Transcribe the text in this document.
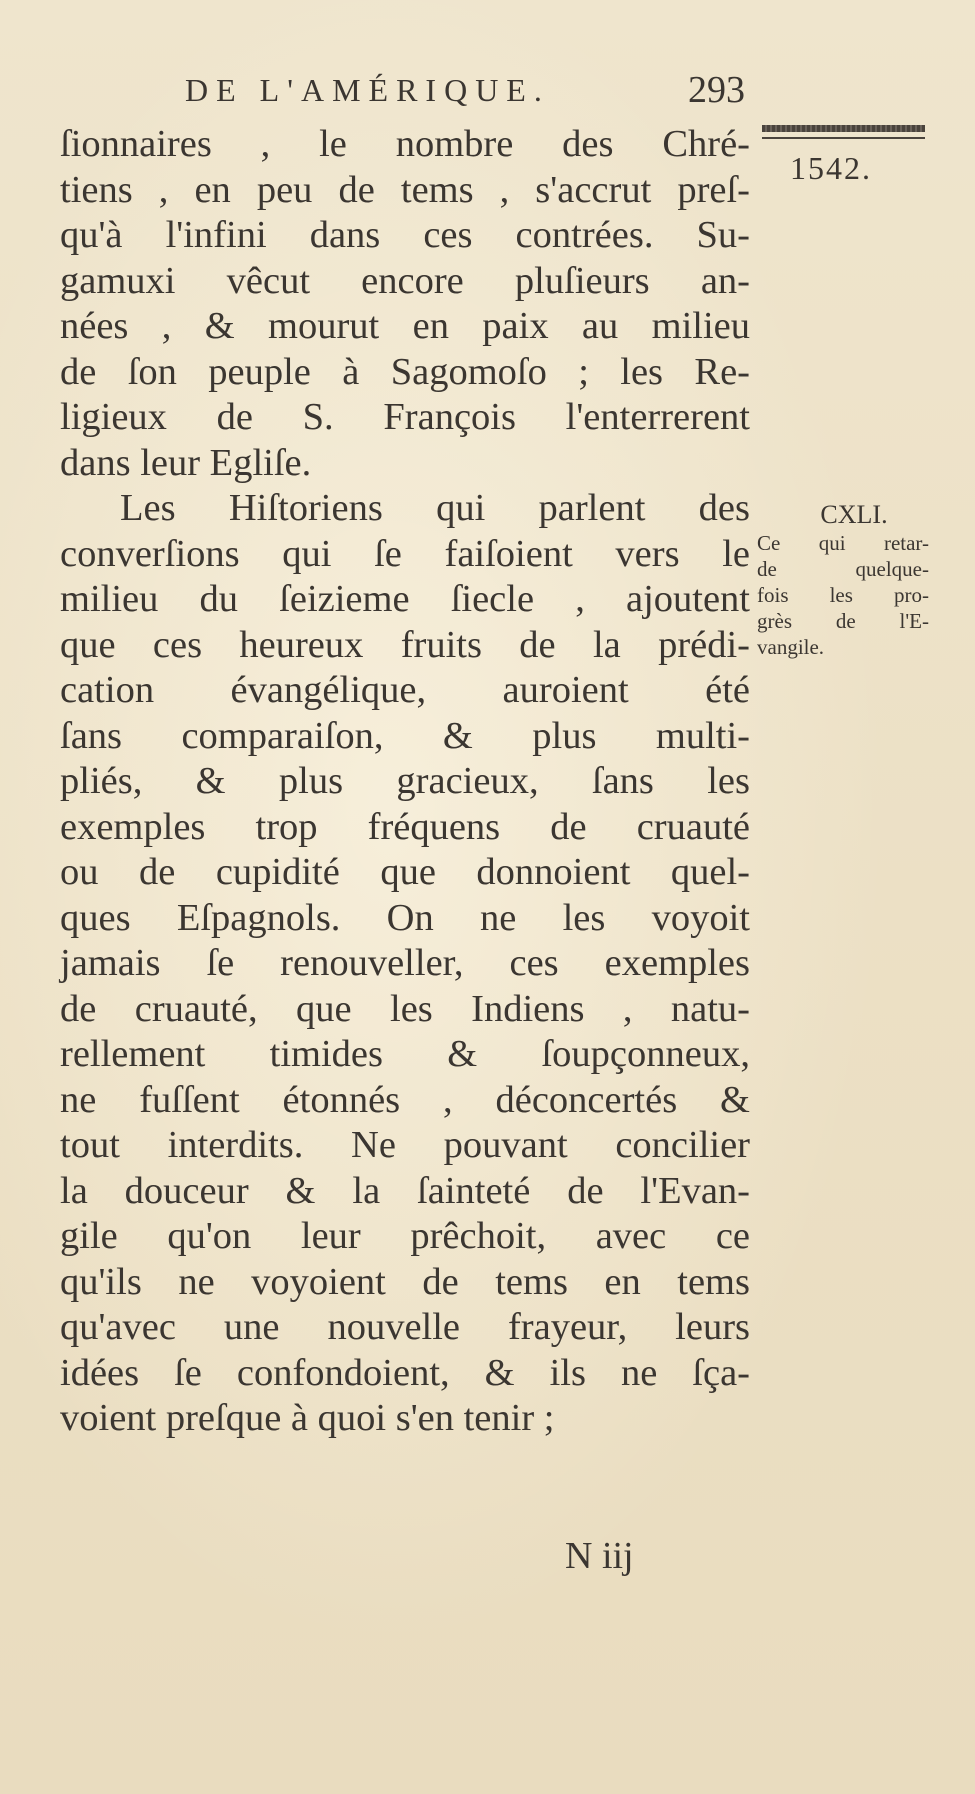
DE L'AMÉRIQUE.	293
1542.
ſionnaires , le nombre des Chré-
tiens , en peu de tems , s'accrut preſ-
qu'à l'infini dans ces contrées. Su-
gamuxi vêcut encore pluſieurs an-
nées , & mourut en paix au milieu
de ſon peuple à Sagomoſo ; les Re-
ligieux de S. François l'enterrerent
dans leur Egliſe.
Les Hiſtoriens qui parlent des
converſions qui ſe faiſoient vers le
milieu du ſeizieme ſiecle , ajoutent
que ces heureux fruits de la prédi-
cation évangélique, auroient été
ſans comparaiſon, & plus multi-
pliés, & plus gracieux, ſans les
exemples trop fréquens de cruauté
ou de cupidité que donnoient quel-
ques Eſpagnols. On ne les voyoit
jamais ſe renouveller, ces exemples
de cruauté, que les Indiens , natu-
rellement timides & ſoupçonneux,
ne fuſſent étonnés , déconcertés &
tout interdits. Ne pouvant concilier
la douceur & la ſainteté de l'Evan-
gile qu'on leur prêchoit, avec ce
qu'ils ne voyoient de tems en tems
qu'avec une nouvelle frayeur, leurs
idées ſe confondoient, & ils ne ſça-
voient preſque à quoi s'en tenir ;
CXLI.
Ce qui retar-
de quelque-
fois les pro-
grès de l'E-
vangile.
N iij
